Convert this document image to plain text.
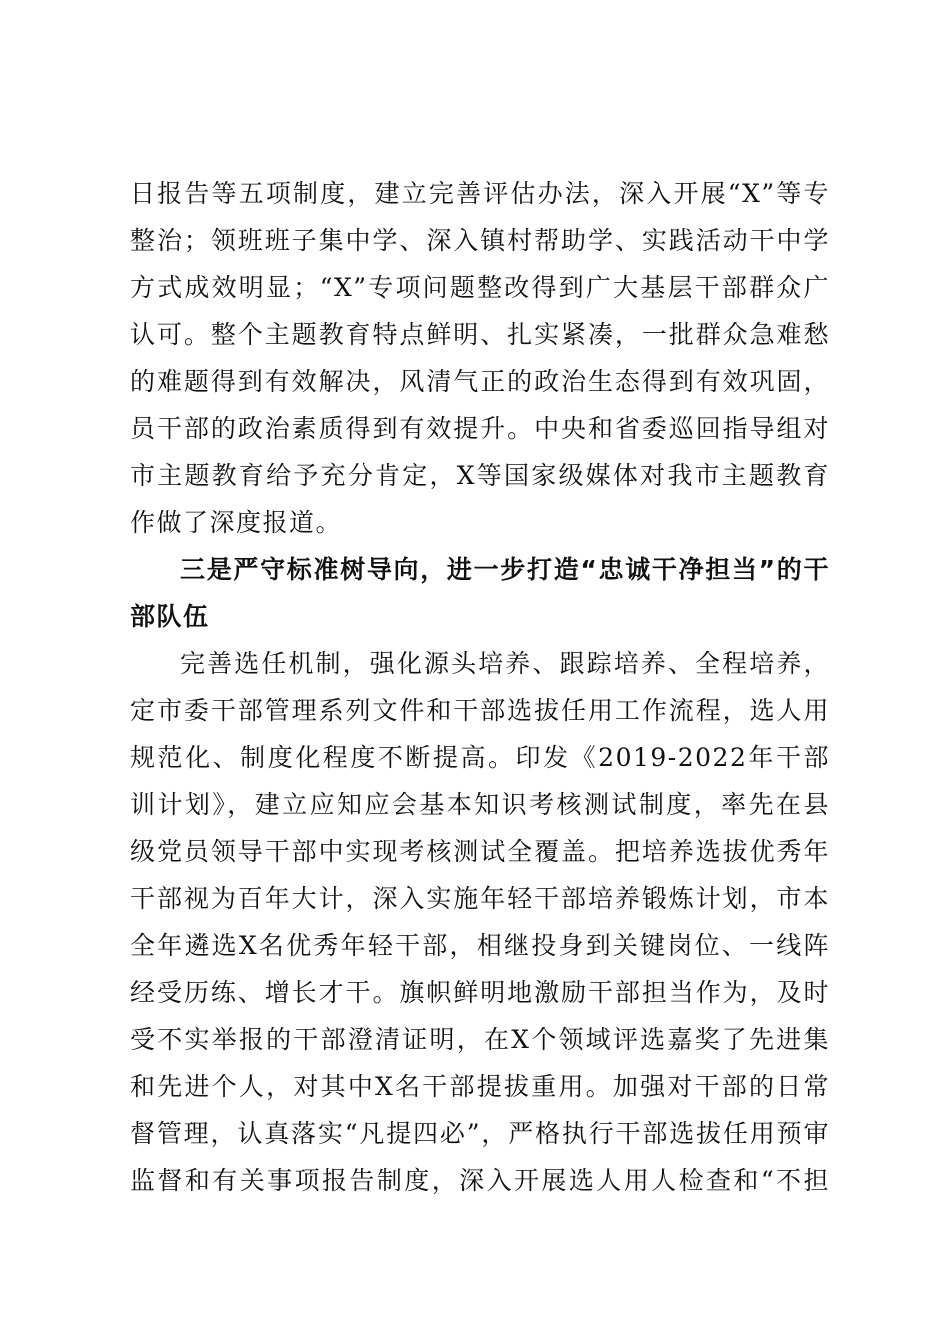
日报告等五项制度，建立完善评估办法，深入开展“X”等专
整治；领班班子集中学、深入镇村帮助学、实践活动干中学
方式成效明显；“X”专项问题整改得到广大基层干部群众广
认可。整个主题教育特点鲜明、扎实紧凑，一批群众急难愁
的难题得到有效解决，风清气正的政治生态得到有效巩固，
员干部的政治素质得到有效提升。中央和省委巡回指导组对
市主题教育给予充分肯定，X等国家级媒体对我市主题教育
作做了深度报道。
三是严守标准树导向，进一步打造“忠诚干净担当”的干
部队伍
完善选任机制，强化源头培养、跟踪培养、全程培养，
定市委干部管理系列文件和干部选拔任用工作流程，选人用
规范化、制度化程度不断提高。印发《2019-2022年干部
训计划》，建立应知应会基本知识考核测试制度，率先在县
级党员领导干部中实现考核测试全覆盖。把培养选拔优秀年
干部视为百年大计，深入实施年轻干部培养锻炼计划，市本
全年遴选X名优秀年轻干部，相继投身到关键岗位、一线阵
经受历练、增长才干。旗帜鲜明地激励干部担当作为，及时
受不实举报的干部澄清证明，在X个领域评选嘉奖了先进集
和先进个人，对其中X名干部提拔重用。加强对干部的日常
督管理，认真落实“凡提四必”，严格执行干部选拔任用预审
监督和有关事项报告制度，深入开展选人用人检查和“不担
